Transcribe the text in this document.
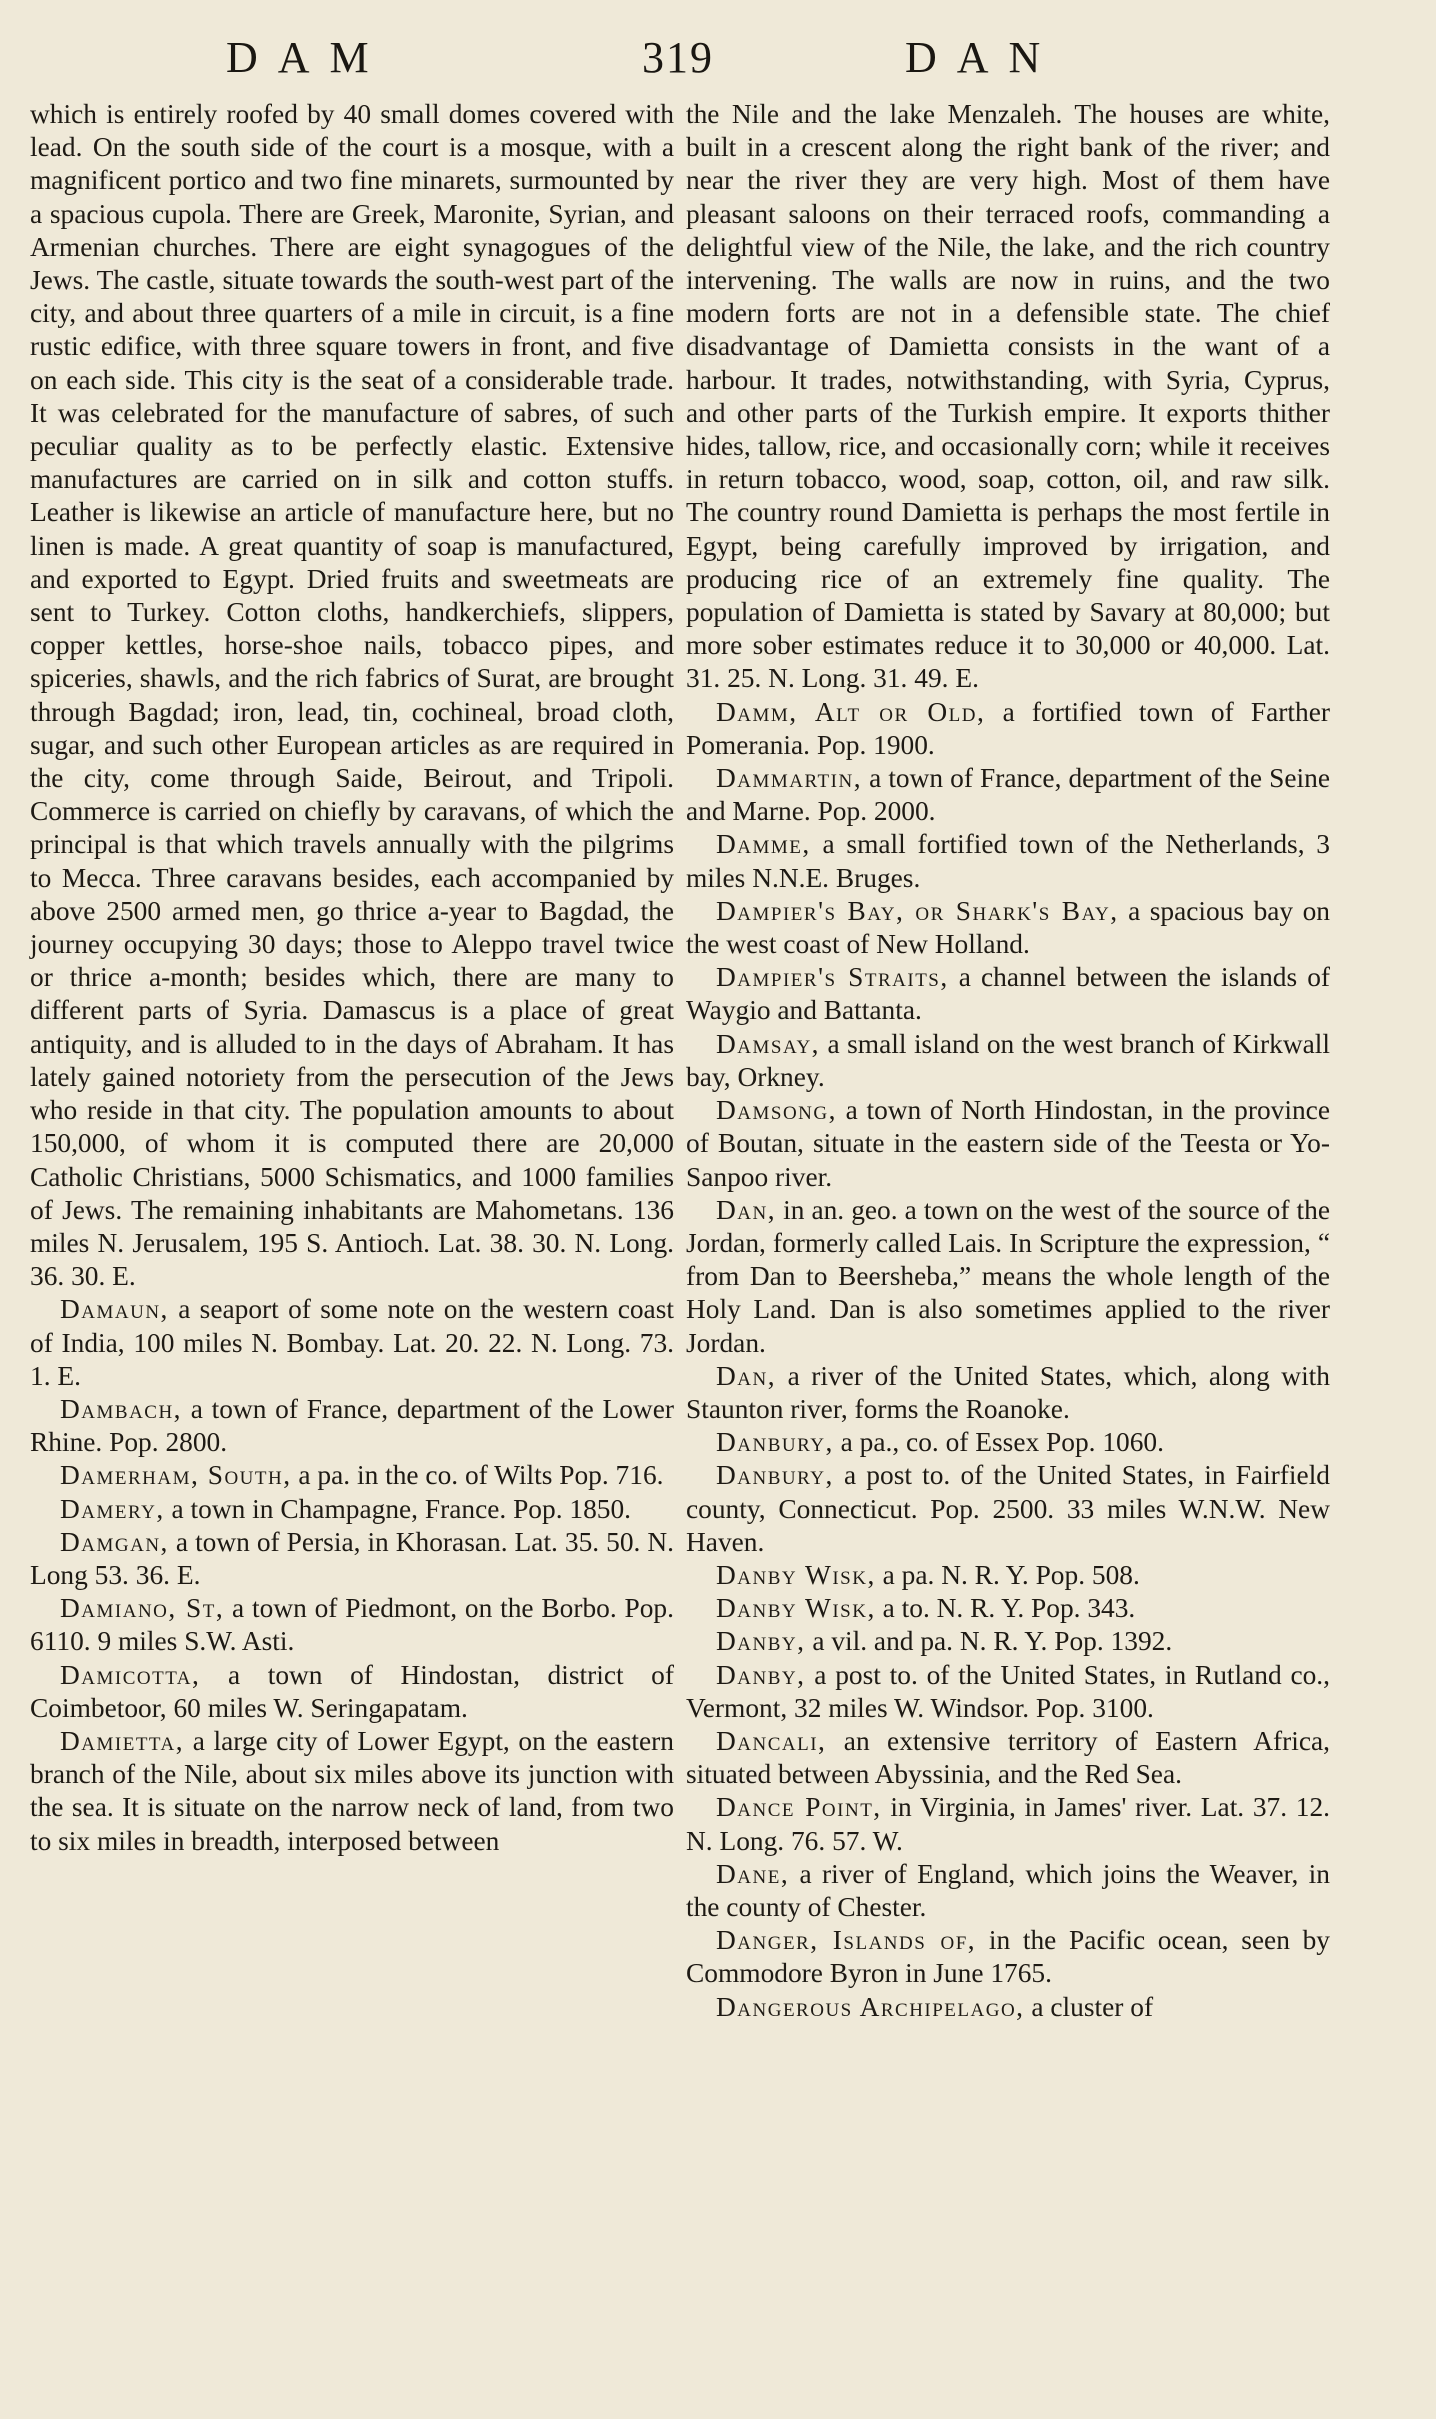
DAM	319	DAN

which is entirely roofed by 40 small domes covered with lead. On the south side of the court is a mosque, with a magnificent portico and two fine minarets, surmounted by a spacious cupola. There are Greek, Maronite, Syrian, and Armenian churches. There are eight synagogues of the Jews. The castle, situate towards the south-west part of the city, and about three quarters of a mile in circuit, is a fine rustic edifice, with three square towers in front, and five on each side. This city is the seat of a considerable trade. It was celebrated for the manufacture of sabres, of such peculiar quality as to be perfectly elastic. Extensive manufactures are carried on in silk and cotton stuffs. Leather is likewise an article of manufacture here, but no linen is made. A great quantity of soap is manufactured, and exported to Egypt. Dried fruits and sweetmeats are sent to Turkey. Cotton cloths, handkerchiefs, slippers, copper kettles, horse-shoe nails, tobacco pipes, and spiceries, shawls, and the rich fabrics of Surat, are brought through Bagdad; iron, lead, tin, cochineal, broad cloth, sugar, and such other European articles as are required in the city, come through Saide, Beirout, and Tripoli. Commerce is carried on chiefly by caravans, of which the principal is that which travels annually with the pilgrims to Mecca. Three caravans besides, each accompanied by above 2500 armed men, go thrice a-year to Bagdad, the journey occupying 30 days; those to Aleppo travel twice or thrice a-month; besides which, there are many to different parts of Syria. Damascus is a place of great antiquity, and is alluded to in the days of Abraham. It has lately gained notoriety from the persecution of the Jews who reside in that city. The population amounts to about 150,000, of whom it is computed there are 20,000 Catholic Christians, 5000 Schismatics, and 1000 families of Jews. The remaining inhabitants are Mahometans. 136 miles N. Jerusalem, 195 S. Antioch. Lat. 38. 30. N. Long. 36. 30. E.

Damaun, a seaport of some note on the western coast of India, 100 miles N. Bombay. Lat. 20. 22. N. Long. 73. 1. E.

Dambach, a town of France, department of the Lower Rhine. Pop. 2800.

Damerham, South, a pa. in the co. of Wilts Pop. 716.

Damery, a town in Champagne, France. Pop. 1850.

Damgan, a town of Persia, in Khorasan. Lat. 35. 50. N. Long 53. 36. E.

Damiano, St, a town of Piedmont, on the Borbo. Pop. 6110. 9 miles S.W. Asti.

Damicotta, a town of Hindostan, district of Coimbetoor, 60 miles W. Seringapatam.

Damietta, a large city of Lower Egypt, on the eastern branch of the Nile, about six miles above its junction with the sea. It is situate on the narrow neck of land, from two to six miles in breadth, interposed between

the Nile and the lake Menzaleh. The houses are white, built in a crescent along the right bank of the river; and near the river they are very high. Most of them have pleasant saloons on their terraced roofs, commanding a delightful view of the Nile, the lake, and the rich country intervening. The walls are now in ruins, and the two modern forts are not in a defensible state. The chief disadvantage of Damietta consists in the want of a harbour. It trades, notwithstanding, with Syria, Cyprus, and other parts of the Turkish empire. It exports thither hides, tallow, rice, and occasionally corn; while it receives in return tobacco, wood, soap, cotton, oil, and raw silk. The country round Damietta is perhaps the most fertile in Egypt, being carefully improved by irrigation, and producing rice of an extremely fine quality. The population of Damietta is stated by Savary at 80,000; but more sober estimates reduce it to 30,000 or 40,000. Lat. 31. 25. N. Long. 31. 49. E.

Damm, Alt or Old, a fortified town of Farther Pomerania. Pop. 1900.

Dammartin, a town of France, department of the Seine and Marne. Pop. 2000.

Damme, a small fortified town of the Netherlands, 3 miles N.N.E. Bruges.

Dampier's Bay, or Shark's Bay, a spacious bay on the west coast of New Holland.

Dampier's Straits, a channel between the islands of Waygio and Battanta.

Damsay, a small island on the west branch of Kirkwall bay, Orkney.

Damsong, a town of North Hindostan, in the province of Boutan, situate in the eastern side of the Teesta or Yo-Sanpoo river.

Dan, in an. geo. a town on the west of the source of the Jordan, formerly called Lais. In Scripture the expression, “ from Dan to Beersheba,” means the whole length of the Holy Land. Dan is also sometimes applied to the river Jordan.

Dan, a river of the United States, which, along with Staunton river, forms the Roanoke.

Danbury, a pa., co. of Essex Pop. 1060.

Danbury, a post to. of the United States, in Fairfield county, Connecticut. Pop. 2500. 33 miles W.N.W. New Haven.

Danby Wisk, a pa. N. R. Y. Pop. 508.

Danby Wisk, a to. N. R. Y. Pop. 343.

Danby, a vil. and pa. N. R. Y. Pop. 1392.

Danby, a post to. of the United States, in Rutland co., Vermont, 32 miles W. Windsor. Pop. 3100.

Dancali, an extensive territory of Eastern Africa, situated between Abyssinia, and the Red Sea.

Dance Point, in Virginia, in James' river. Lat. 37. 12. N. Long. 76. 57. W.

Dane, a river of England, which joins the Weaver, in the county of Chester.

Danger, Islands of, in the Pacific ocean, seen by Commodore Byron in June 1765.

Dangerous Archipelago, a cluster of
